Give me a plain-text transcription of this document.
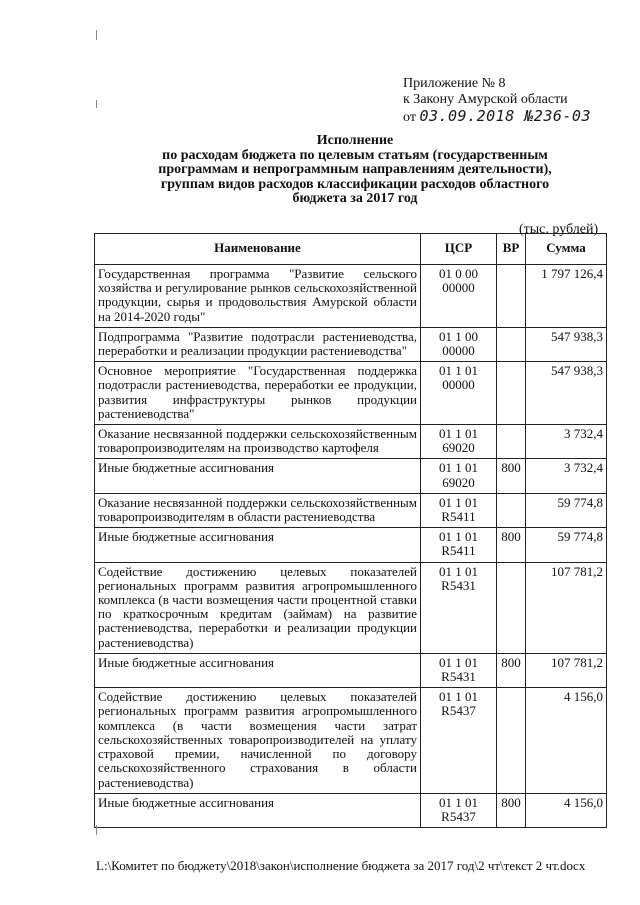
Приложение № 8
к Закону Амурской области
от 03.09.2018 №236-03
Исполнение
по расходам бюджета по целевым статьям (государственным
программам и непрограммным направлениям деятельности),
группам видов расходов классификации расходов областного
бюджета за 2017 год
(тыс. рублей)
Наименование	ЦСР	ВР	Сумма
Государственная программа "Развитие сельского хозяйства и регулирование рынков сельскохозяйственной продукции, сырья и продовольствия Амурской области на 2014-2020 годы"	01 0 00 00000		1 797 126,4
Подпрограмма "Развитие подотрасли растениеводства, переработки и реализации продукции растениеводства"	01 1 00 00000		547 938,3
Основное мероприятие "Государственная поддержка подотрасли растениеводства, переработки ее продукции, развития инфраструктуры рынков продукции растениеводства"	01 1 01 00000		547 938,3
Оказание несвязанной поддержки сельскохозяйственным товаропроизводителям на производство картофеля	01 1 01 69020		3 732,4
Иные бюджетные ассигнования	01 1 01 69020	800	3 732,4
Оказание несвязанной поддержки сельскохозяйственным товаропроизводителям в области растениеводства	01 1 01 R5411		59 774,8
Иные бюджетные ассигнования	01 1 01 R5411	800	59 774,8
Содействие достижению целевых показателей региональных программ развития агропромышленного комплекса (в части возмещения части процентной ставки по краткосрочным кредитам (займам) на развитие растениеводства, переработки и реализации продукции растениеводства)	01 1 01 R5431		107 781,2
Иные бюджетные ассигнования	01 1 01 R5431	800	107 781,2
Содействие достижению целевых показателей региональных программ развития агропромышленного комплекса (в части возмещения части затрат сельскохозяйственных товаропроизводителей на уплату страховой премии, начисленной по договору сельскохозяйственного страхования в области растениеводства)	01 1 01 R5437		4 156,0
Иные бюджетные ассигнования	01 1 01 R5437	800	4 156,0
L:\Комитет по бюджету\2018\закон\исполнение бюджета за 2017 год\2 чт\текст 2 чт.docx
